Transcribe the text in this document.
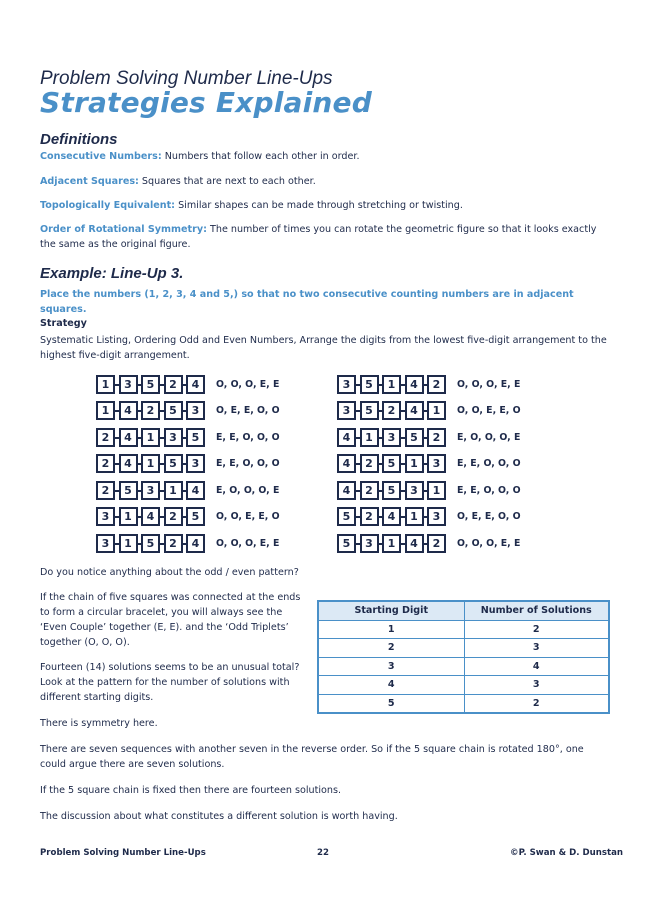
Problem Solving Number Line-Ups
Strategies Explained
Definitions
Consecutive Numbers: Numbers that follow each other in order.
Adjacent Squares: Squares that are next to each other.
Topologically Equivalent: Similar shapes can be made through stretching or twisting.
Order of Rotational Symmetry: The number of times you can rotate the geometric figure so that it looks exactly the same as the original figure.
Example: Line-Up 3.
Place the numbers (1, 2, 3, 4 and 5,) so that no two consecutive counting numbers are in adjacent squares.
Strategy
Systematic Listing, Ordering Odd and Even Numbers, Arrange the digits from the lowest five-digit arrangement to the highest five-digit arrangement.
1	3	5	2	4	O, O, O, E, E
1	4	2	5	3	O, E, E, O, O
2	4	1	3	5	E, E, O, O, O
2	4	1	5	3	E, E, O, O, O
2	5	3	1	4	E, O, O, O, E
3	1	4	2	5	O, O, E, E, O
3	1	5	2	4	O, O, O, E, E
3	5	1	4	2	O, O, O, E, E
3	5	2	4	1	O, O, E, E, O
4	1	3	5	2	E, O, O, O, E
4	2	5	1	3	E, E, O, O, O
4	2	5	3	1	E, E, O, O, O
5	2	4	1	3	O, E, E, O, O
5	3	1	4	2	O, O, O, E, E
Do you notice anything about the odd / even pattern?
If the chain of five squares was connected at the ends to form a circular bracelet, you will always see the ‘Even Couple’ together (E, E). and the ‘Odd Triplets’ together (O, O, O).
Fourteen (14) solutions seems to be an unusual total? Look at the pattern for the number of solutions with different starting digits.
There is symmetry here.
There are seven sequences with another seven in the reverse order. So if the 5 square chain is rotated 180°, one could argue there are seven solutions.
If the 5 square chain is fixed then there are fourteen solutions.
The discussion about what constitutes a different solution is worth having.
Starting Digit	Number of Solutions
1	2
2	3
3	4
4	3
5	2
Problem Solving Number Line-Ups	22	©P. Swan & D. Dunstan
